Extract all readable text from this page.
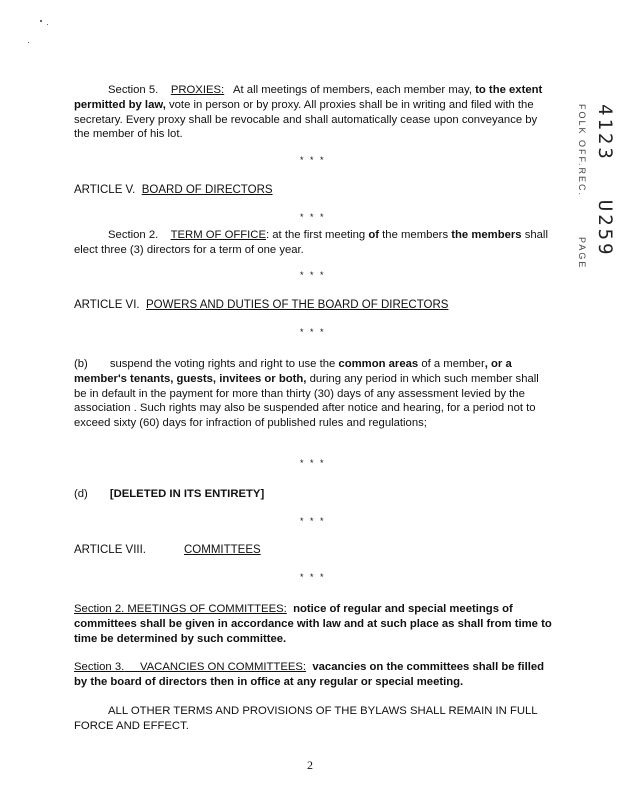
Section 5. PROXIES: At all meetings of members, each member may, to the extent permitted by law, vote in person or by proxy. All proxies shall be in writing and filed with the secretary. Every proxy shall be revocable and shall automatically cease upon conveyance by the member of his lot.
* * *
ARTICLE V. BOARD OF DIRECTORS
* * *
Section 2. TERM OF OFFICE: at the first meeting of the members the members shall elect three (3) directors for a term of one year.
* * *
ARTICLE VI. POWERS AND DUTIES OF THE BOARD OF DIRECTORS
* * *
(b) suspend the voting rights and right to use the common areas of a member, or a member's tenants, guests, invitees or both, during any period in which such member shall be in default in the payment for more than thirty (30) days of any assessment levied by the association . Such rights may also be suspended after notice and hearing, for a period not to exceed sixty (60) days for infraction of published rules and regulations;
* * *
(d) [DELETED IN ITS ENTIRETY]
* * *
ARTICLE VIII.	COMMITTEES
* * *
Section 2. MEETINGS OF COMMITTEES: notice of regular and special meetings of committees shall be given in accordance with law and at such place as shall from time to time be determined by such committee.
Section 3. VACANCIES ON COMMITTEES: vacancies on the committees shall be filled by the board of directors then in office at any regular or special meeting.
ALL OTHER TERMS AND PROVISIONS OF THE BYLAWS SHALL REMAIN IN FULL FORCE AND EFFECT.
2
4123U259
FOLK OFF.REC.PAGE
